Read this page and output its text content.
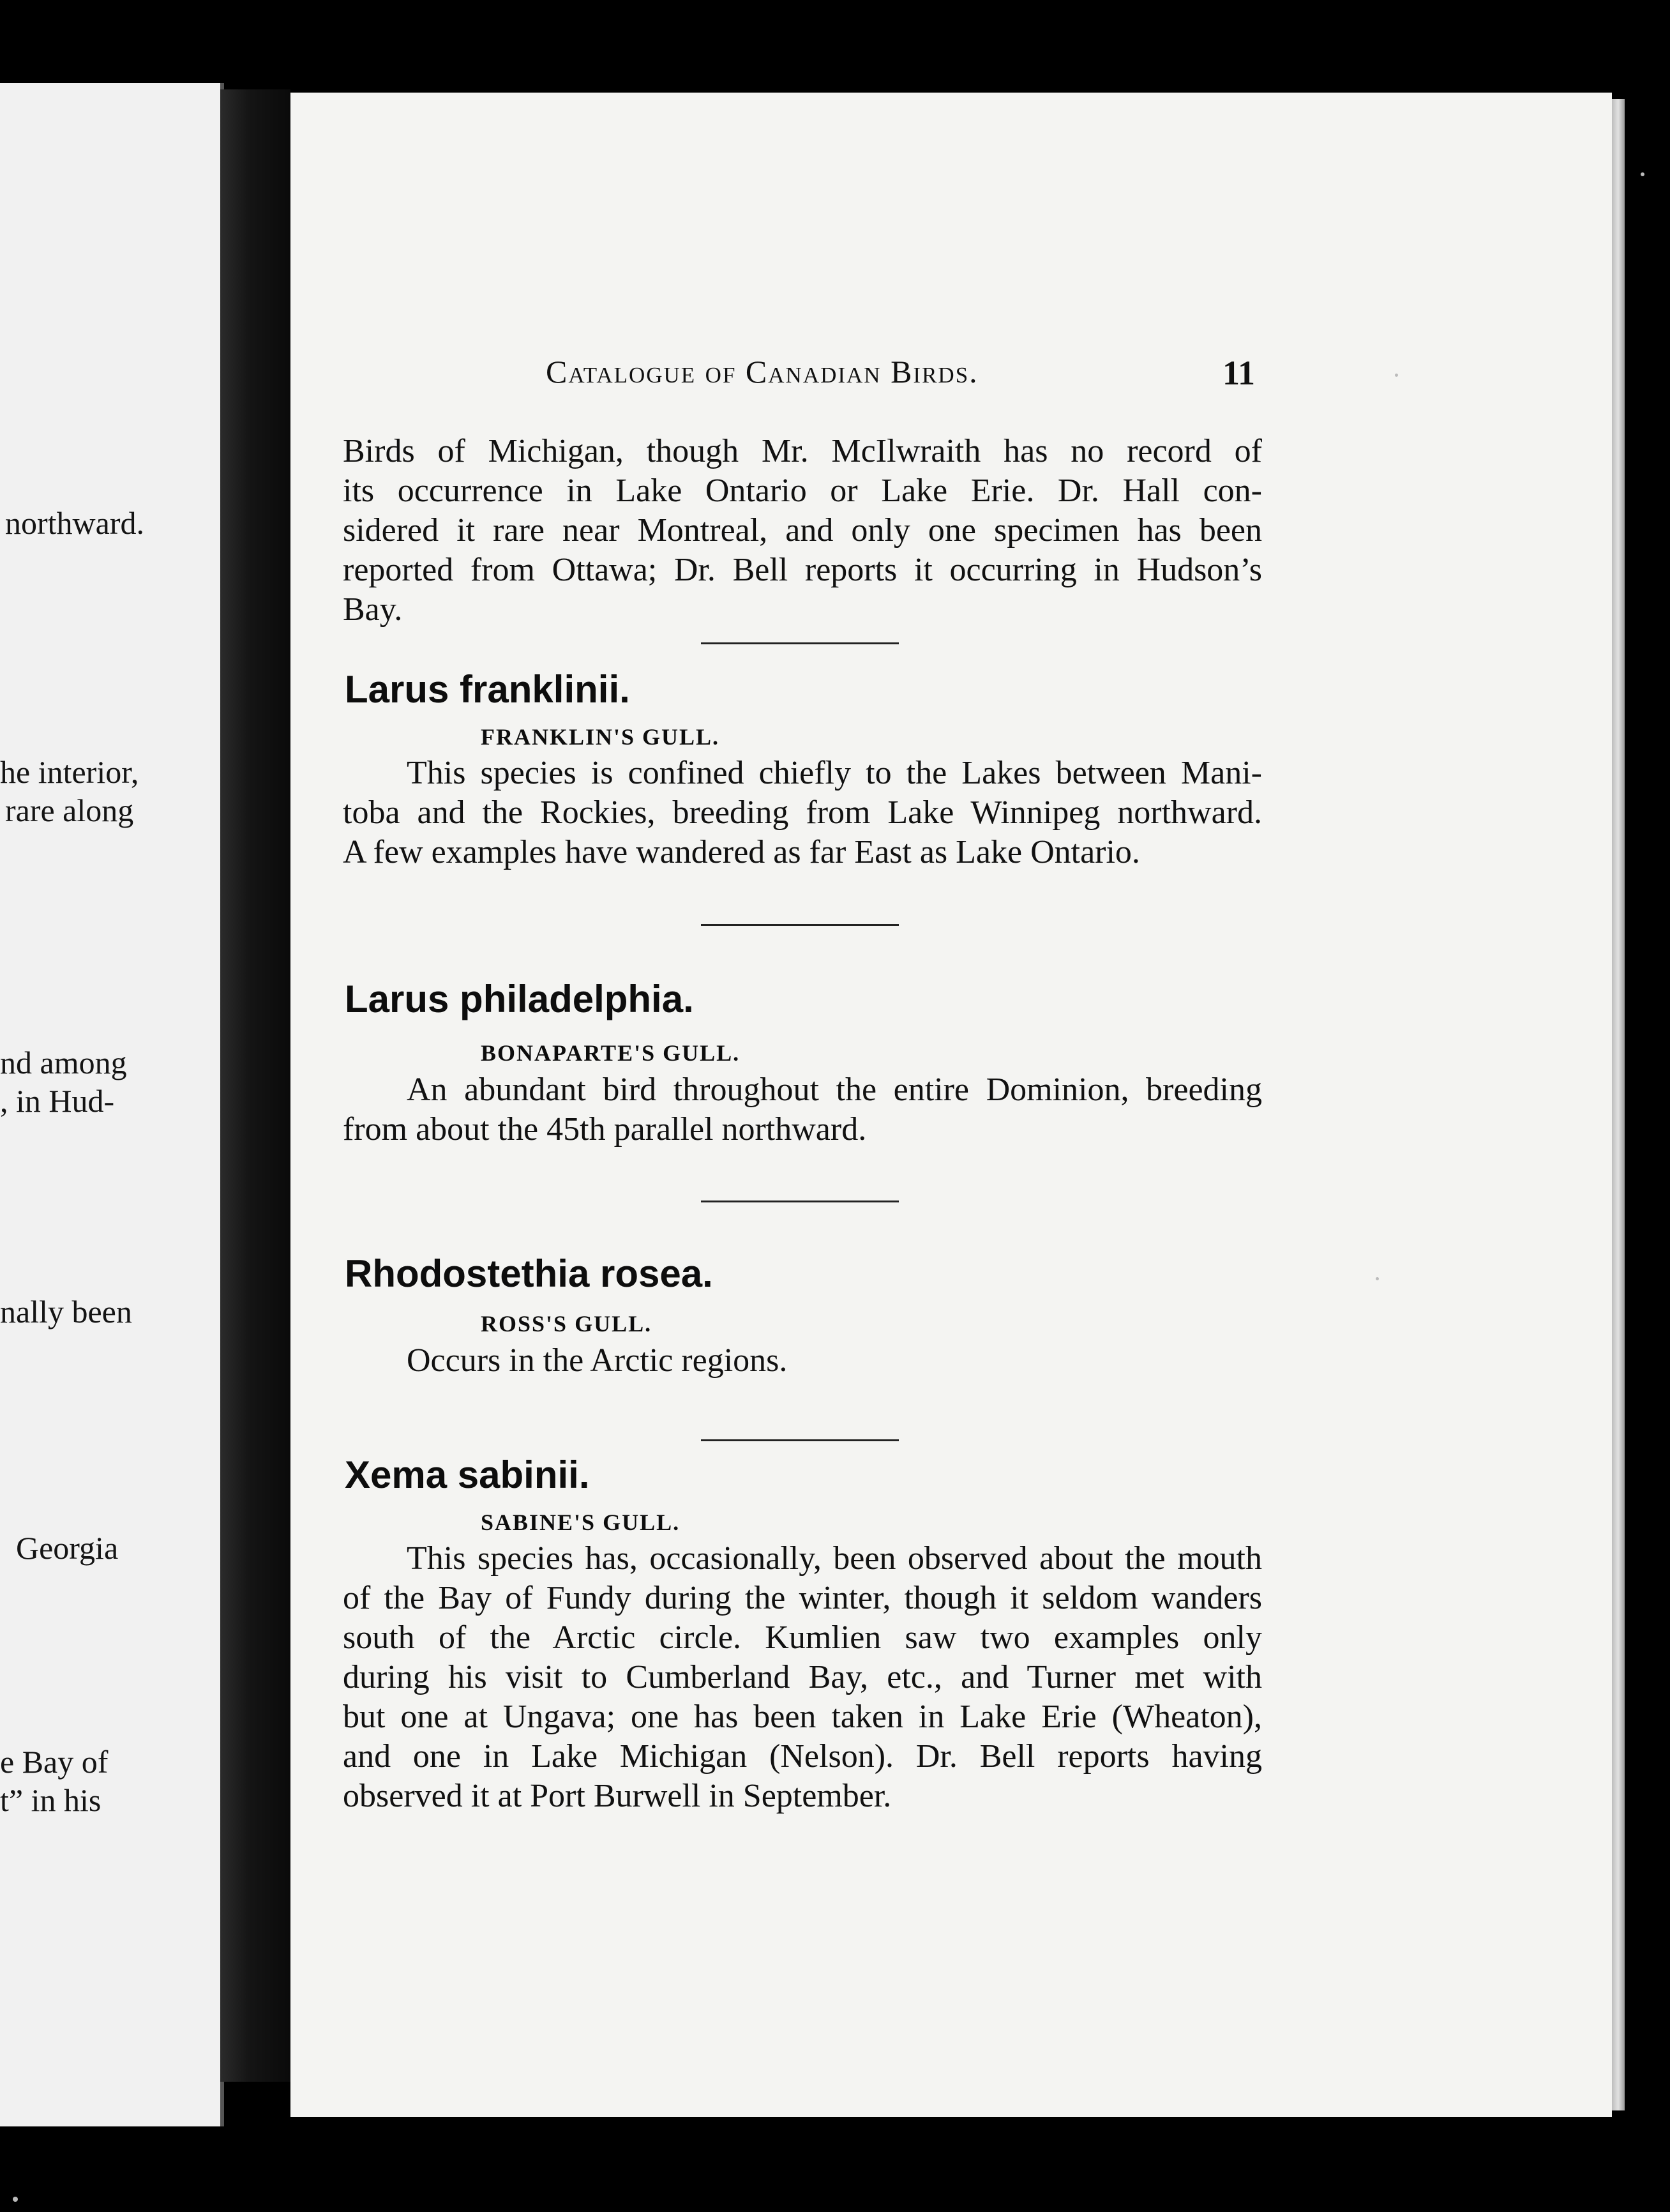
northward.
he interior,
rare along
nd among
, in Hud-
nally been
Georgia
e Bay of
t” in his
Catalogue of Canadian Birds.	11
Birds of Michigan, though Mr. McIlwraith has no record of
its occurrence in Lake Ontario or Lake Erie. Dr. Hall con-
sidered it rare near Montreal, and only one specimen has been
reported from Ottawa; Dr. Bell reports it occurring in Hudson’s
Bay.
Larus franklinii.
FRANKLIN'S GULL.
This species is confined chiefly to the Lakes between Mani-
toba and the Rockies, breeding from Lake Winnipeg northward.
A few examples have wandered as far East as Lake Ontario.
Larus philadelphia.
BONAPARTE'S GULL.
An abundant bird throughout the entire Dominion, breeding
from about the 45th parallel northward.
Rhodostethia rosea.
ROSS'S GULL.
Occurs in the Arctic regions.
Xema sabinii.
SABINE'S GULL.
This species has, occasionally, been observed about the mouth
of the Bay of Fundy during the winter, though it seldom wanders
south of the Arctic circle. Kumlien saw two examples only
during his visit to Cumberland Bay, etc., and Turner met with
but one at Ungava; one has been taken in Lake Erie (Wheaton),
and one in Lake Michigan (Nelson). Dr. Bell reports having
observed it at Port Burwell in September.
